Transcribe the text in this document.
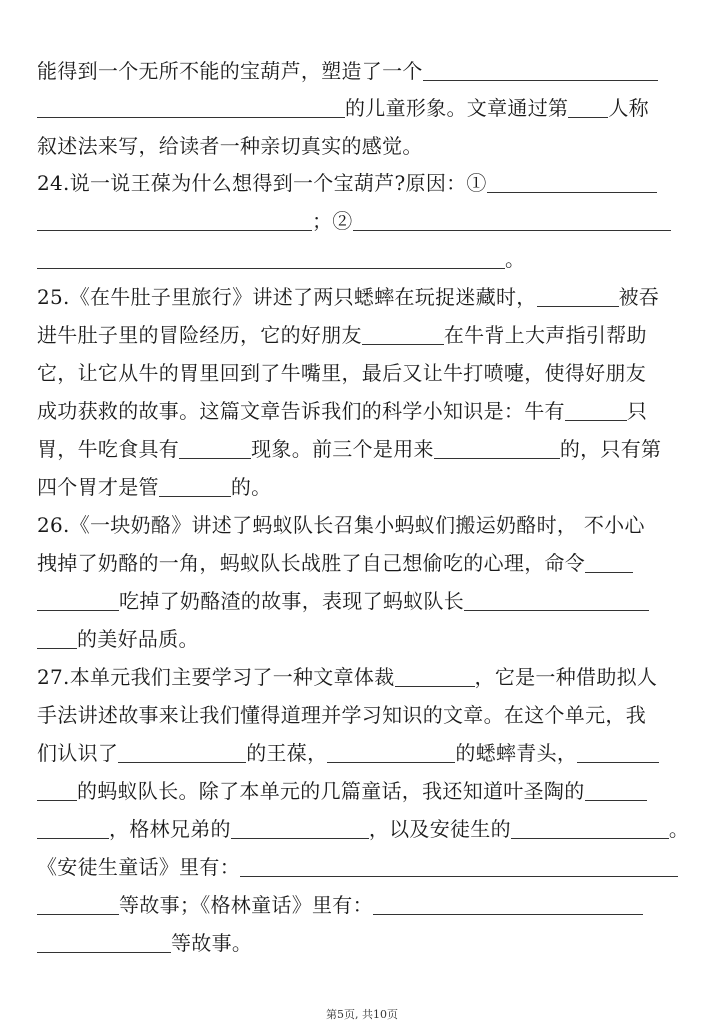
能得到一个无所不能的宝葫芦，塑造了一个
的儿童形象。文章通过第 人称
叙述法来写，给读者一种亲切真实的感觉。
24.说一说王葆为什么想得到一个宝葫芦?原因：①
；②
。
25.《在牛肚子里旅行》讲述了两只蟋蟀在玩捉迷藏时，	被吞
进牛肚子里的冒险经历，它的好朋友	在牛背上大声指引帮助
它，让它从牛的胃里回到了牛嘴里，最后又让牛打喷嚏，使得好朋友
成功获救的故事。这篇文章告诉我们的科学小知识是：牛有	只
胃，牛吃食具有	现象。前三个是用来	的，只有第
四个胃才是管	的。
26.《一块奶酪》讲述了蚂蚁队长召集小蚂蚁们搬运奶酪时， 不小心
拽掉了奶酪的一角，蚂蚁队长战胜了自己想偷吃的心理，命令
吃掉了奶酪渣的故事，表现了蚂蚁队长
的美好品质。
27.本单元我们主要学习了一种文章体裁	，它是一种借助拟人
手法讲述故事来让我们懂得道理并学习知识的文章。在这个单元，我
们认识了	的王葆，	的蟋蟀青头，
的蚂蚁队长。除了本单元的几篇童话，我还知道叶圣陶的
，格林兄弟的	，以及安徒生的	。
《安徒生童话》里有：
等故事；《格林童话》里有：
等故事。
第5页, 共10页
